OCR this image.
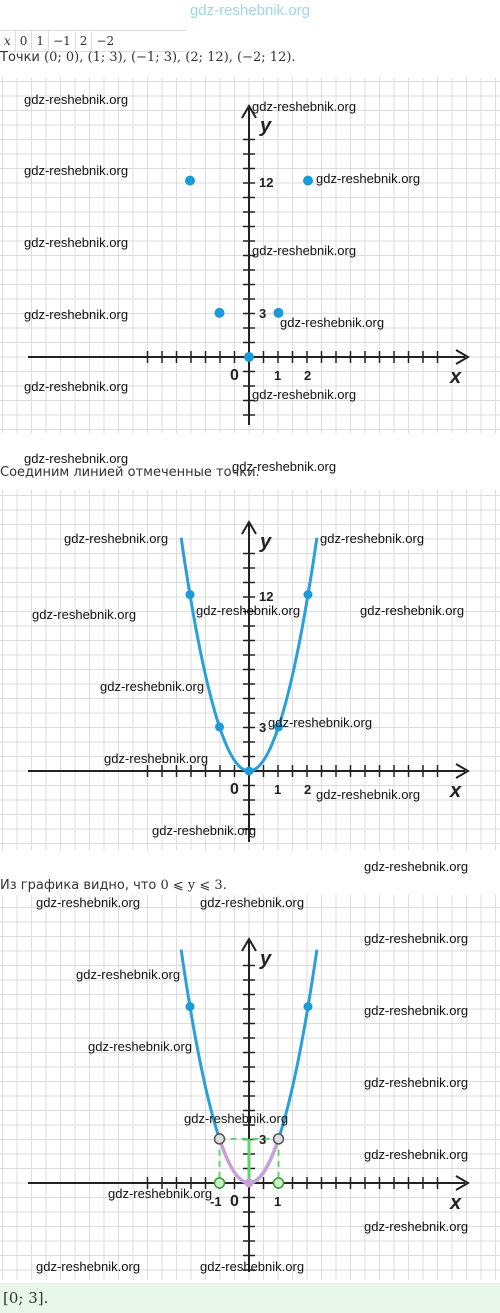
gdz-reshebnik.org
x 0 1 −1 2 −2
Точки (0; 0), (1; 3), (−1; 3), (2; 12), (−2; 12).
x
y
0	1 2
3
12
gdz-reshebnik.org	gdz-reshebnik.org
gdz-reshebnik.org
gdz-reshebnik.org
gdz-reshebnik.org
gdz-reshebnik.org
gdz-reshebnik.org
gdz-reshebnik.org
gdz-reshebnik.org
gdz-reshebnik.org
gdz-reshebnik.org
gdz-reshebnik.org
Соединим линией отмеченные точки.
x
y
0	1 2
3
12
gdz-reshebnik.org	gdz-reshebnik.org
gdz-reshebnik.org	gdz-reshebnik.org	gdz-reshebnik.org
gdz-reshebnik.org
gdz-reshebnik.org
gdz-reshebnik.org
gdz-reshebnik.org
gdz-reshebnik.org
gdz-reshebnik.org
Из графика видно, что 0 ⩽ y ⩽ 3.
x
y
0
-1	1
3
gdz-reshebnik.org	gdz-reshebnik.org
gdz-reshebnik.org
gdz-reshebnik.org
gdz-reshebnik.org
gdz-reshebnik.org
gdz-reshebnik.org
gdz-reshebnik.org
gdz-reshebnik.org
gdz-reshebnik.org
gdz-reshebnik.org
gdz-reshebnik.org	gdz-reshebnik.org
[0; 3].
